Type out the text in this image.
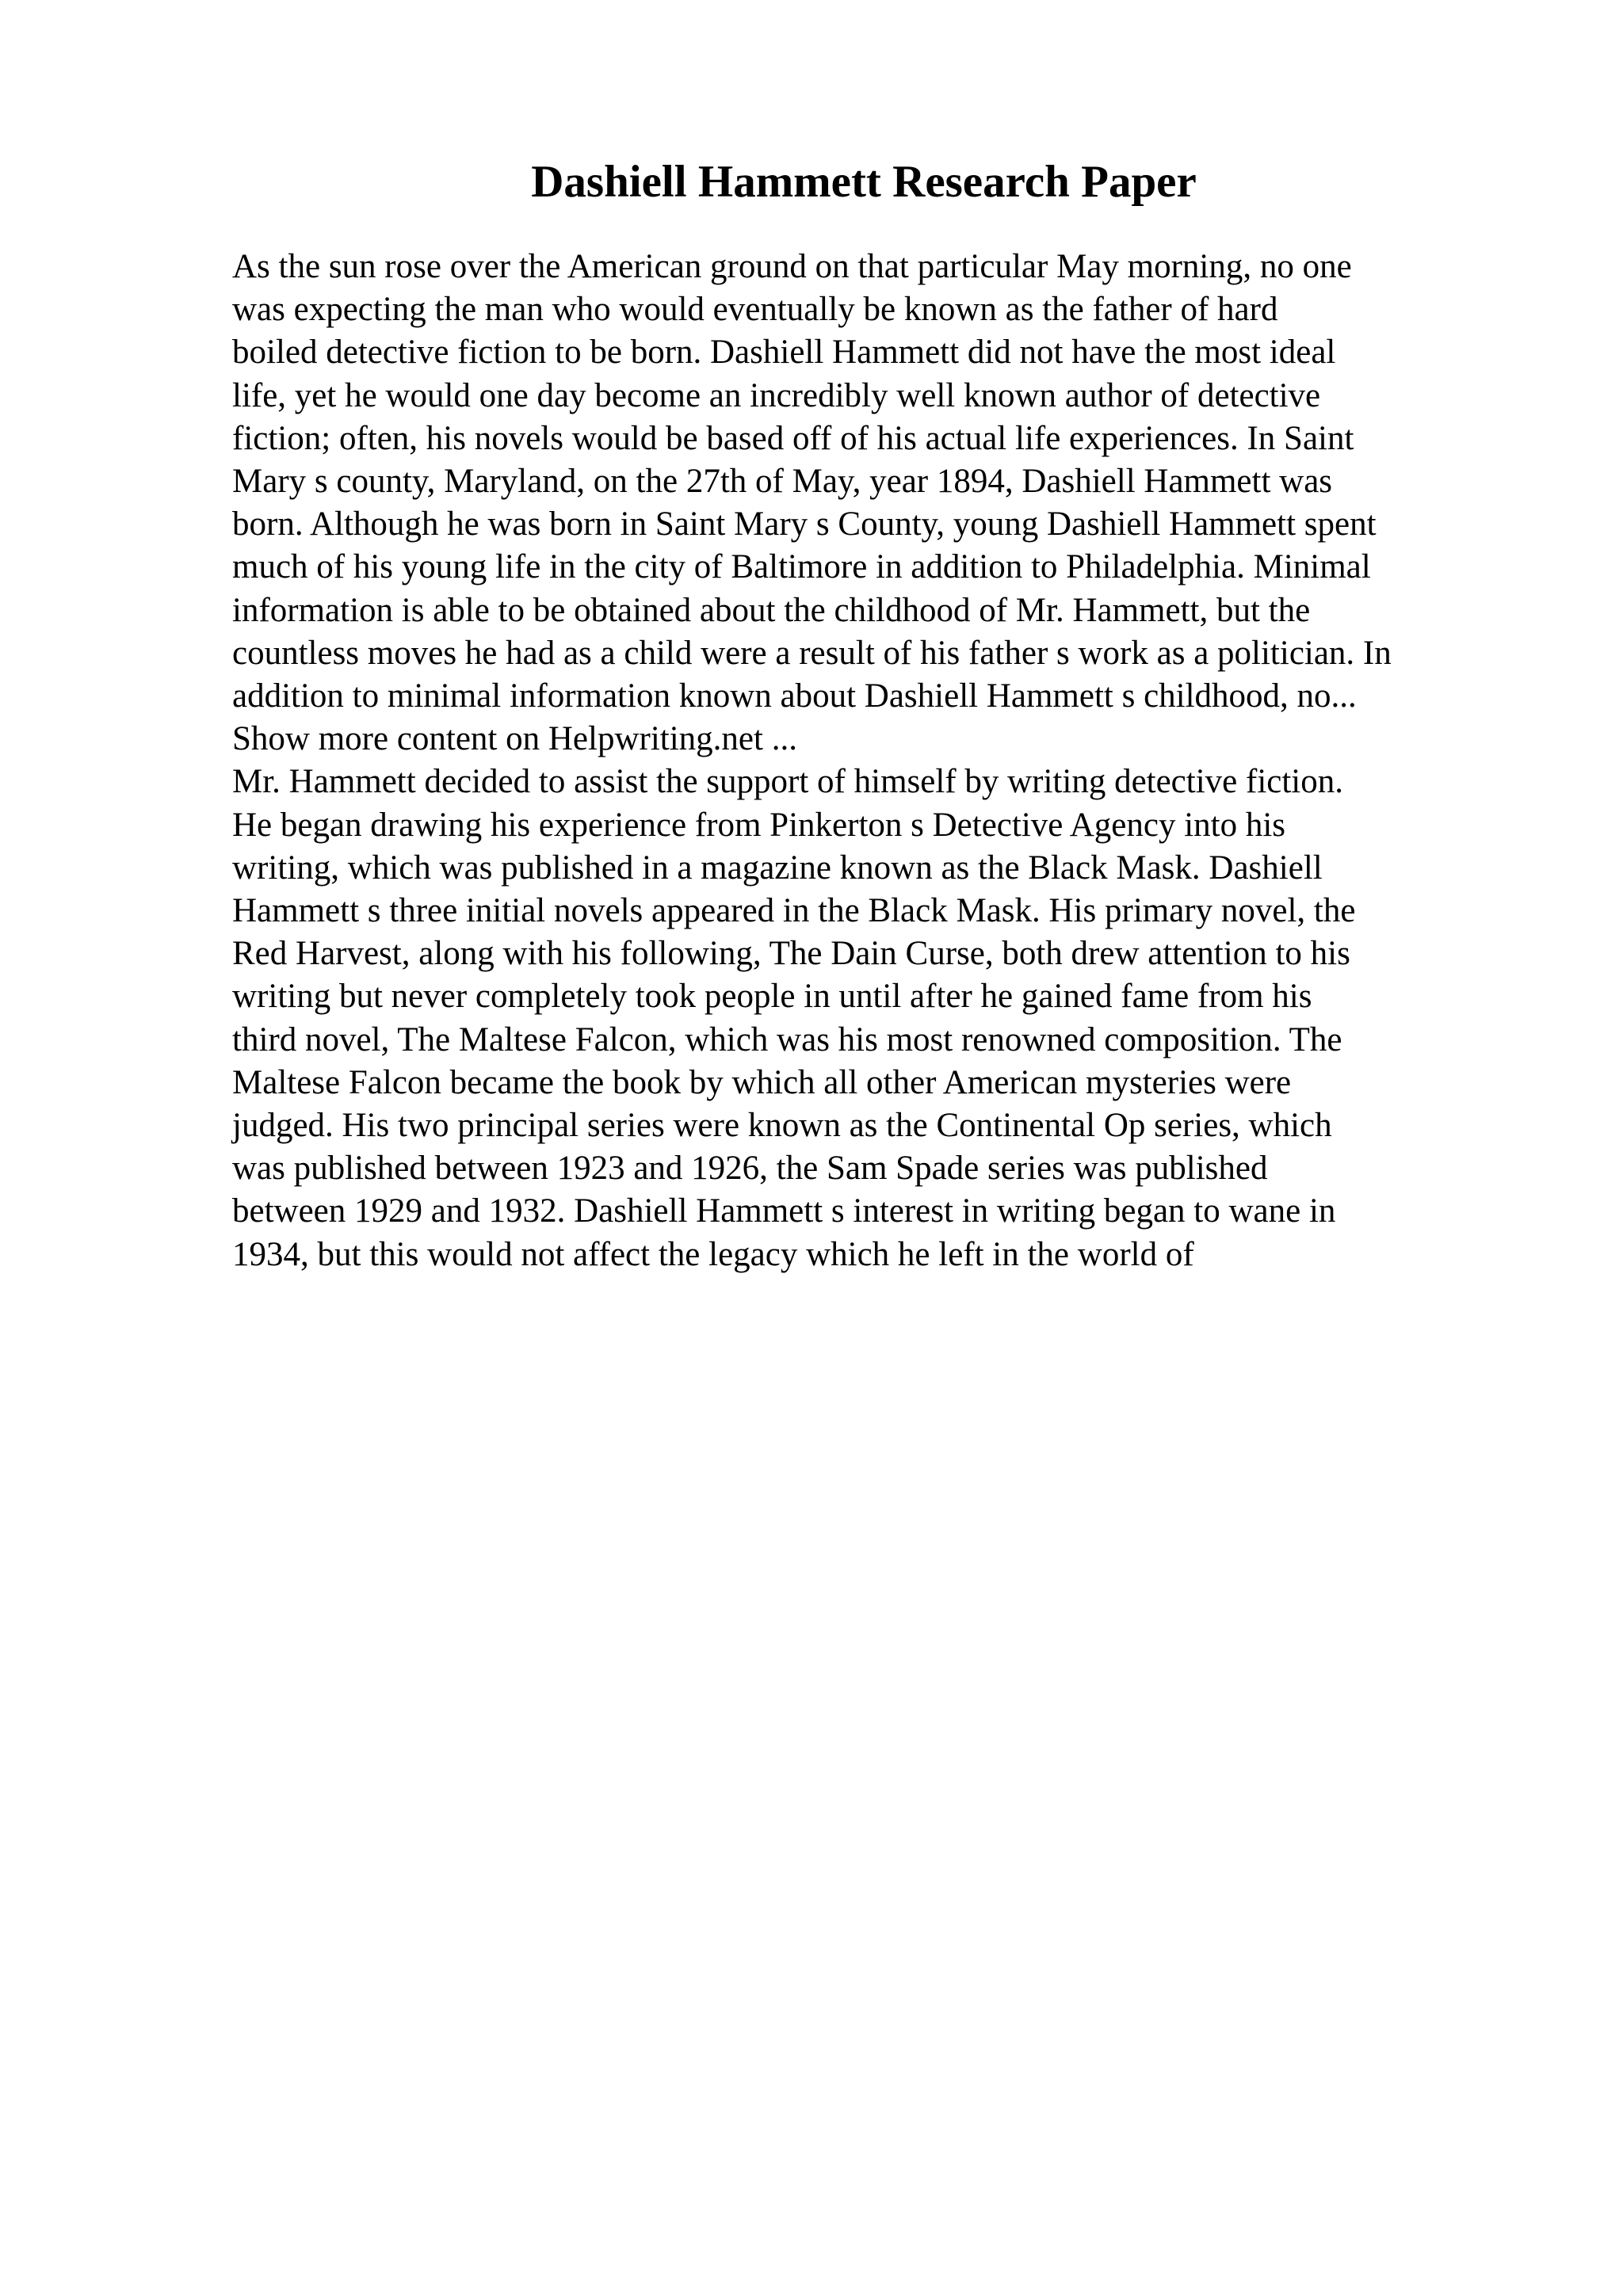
Dashiell Hammett Research Paper
As the sun rose over the American ground on that particular May morning, no one
was expecting the man who would eventually be known as the father of hard
boiled detective fiction to be born. Dashiell Hammett did not have the most ideal
life, yet he would one day become an incredibly well known author of detective
fiction; often, his novels would be based off of his actual life experiences. In Saint
Mary s county, Maryland, on the 27th of May, year 1894, Dashiell Hammett was
born. Although he was born in Saint Mary s County, young Dashiell Hammett spent
much of his young life in the city of Baltimore in addition to Philadelphia. Minimal
information is able to be obtained about the childhood of Mr. Hammett, but the
countless moves he had as a child were a result of his father s work as a politician. In
addition to minimal information known about Dashiell Hammett s childhood, no...
Show more content on Helpwriting.net ...
Mr. Hammett decided to assist the support of himself by writing detective fiction.
He began drawing his experience from Pinkerton s Detective Agency into his
writing, which was published in a magazine known as the Black Mask. Dashiell
Hammett s three initial novels appeared in the Black Mask. His primary novel, the
Red Harvest, along with his following, The Dain Curse, both drew attention to his
writing but never completely took people in until after he gained fame from his
third novel, The Maltese Falcon, which was his most renowned composition. The
Maltese Falcon became the book by which all other American mysteries were
judged. His two principal series were known as the Continental Op series, which
was published between 1923 and 1926, the Sam Spade series was published
between 1929 and 1932. Dashiell Hammett s interest in writing began to wane in
1934, but this would not affect the legacy which he left in the world of
